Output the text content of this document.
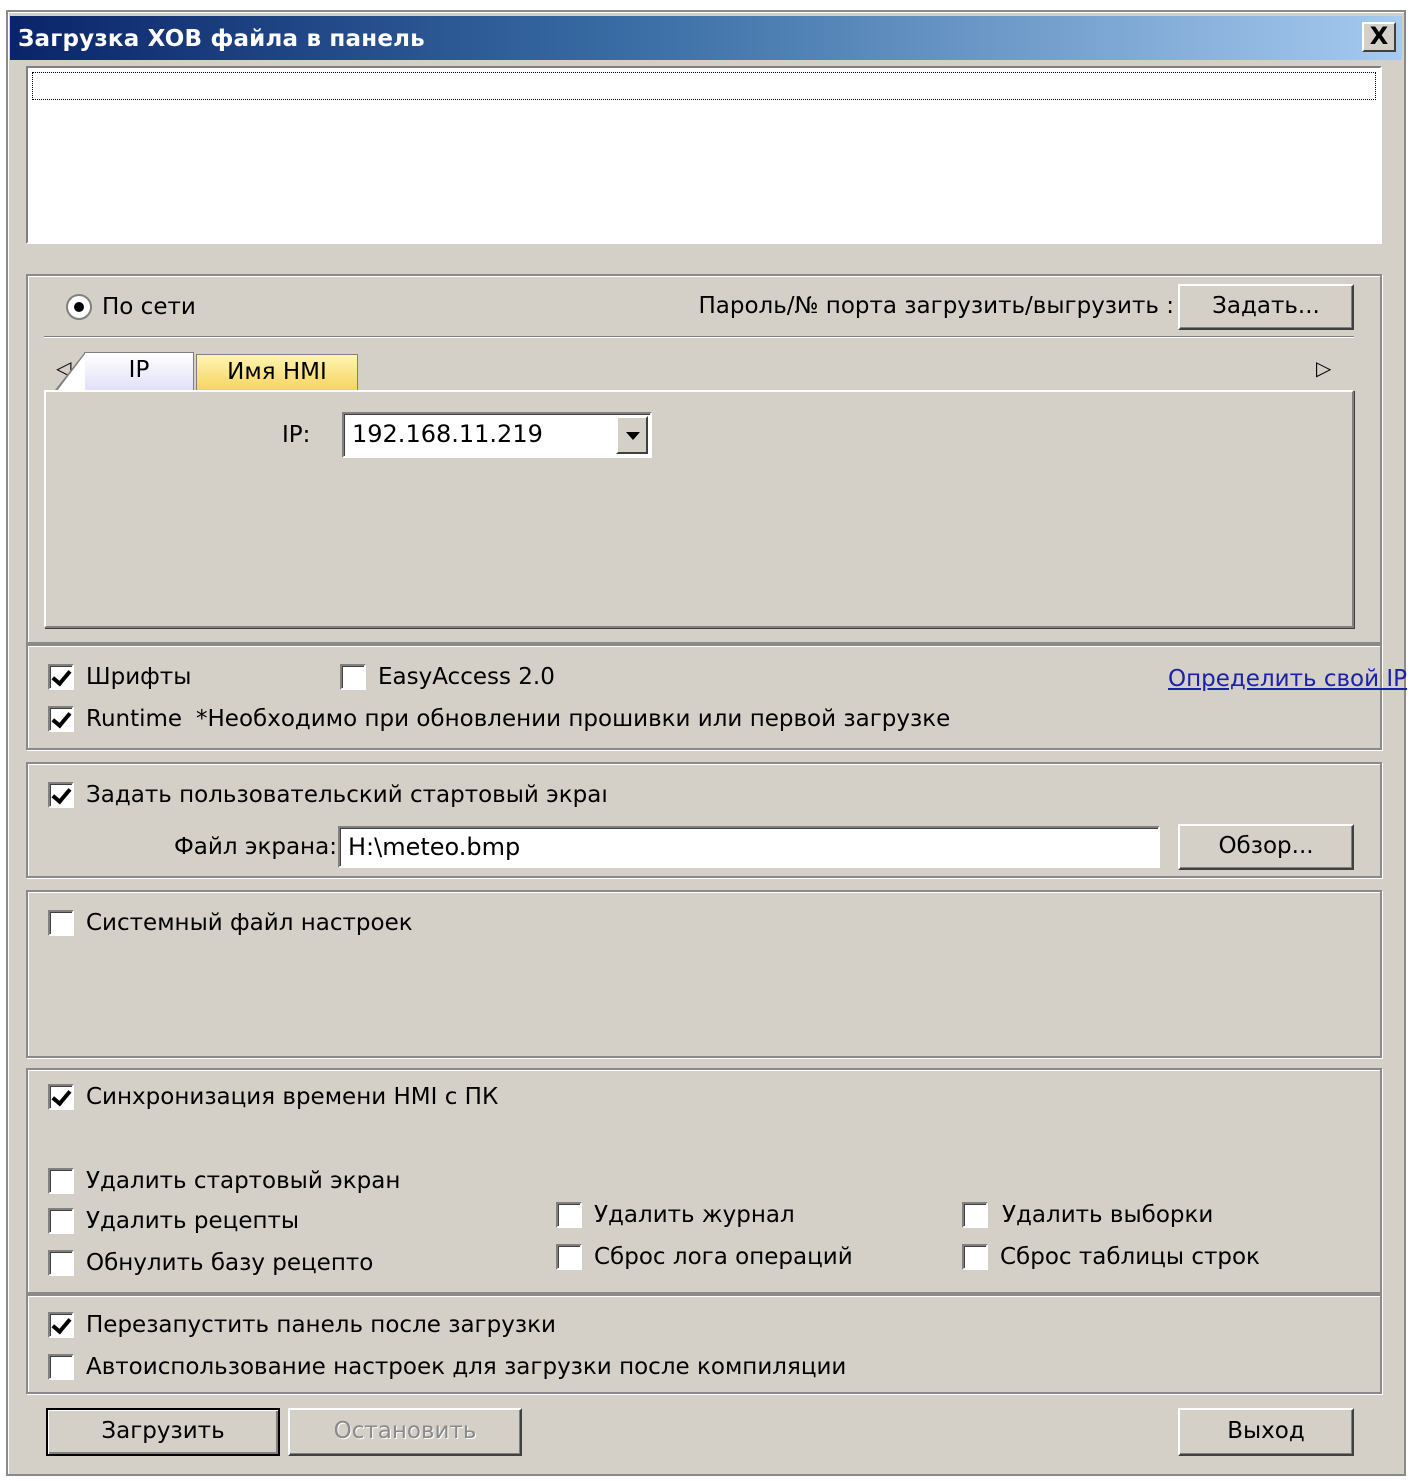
Загрузка XOB файла в панель	X
По сети	Пароль/№ порта загрузить/выгрузить :	Задать...
▷
IP:	192.168.11.219
IP	Имя HMI
Шрифты	EasyAccess 2.0	Определить свой IP
Runtime *Необходимо при обновлении прошивки или первой загрузке
Задать пользовательский стартовый экраı
Файл экрана: H:\meteo.bmp	Обзор...
Системный файл настроек
Синхронизация времени HMI с ПК
Удалить стартовый экран
Удалить рецепты
Обнулить базу рецепто
Удалить журнал
Сброс лога операций
Удалить выборки
Сброс таблицы строк
Перезапустить панель после загрузки
Автоиспользование настроек для загрузки после компиляции
Загрузить	Остановить	Выход
